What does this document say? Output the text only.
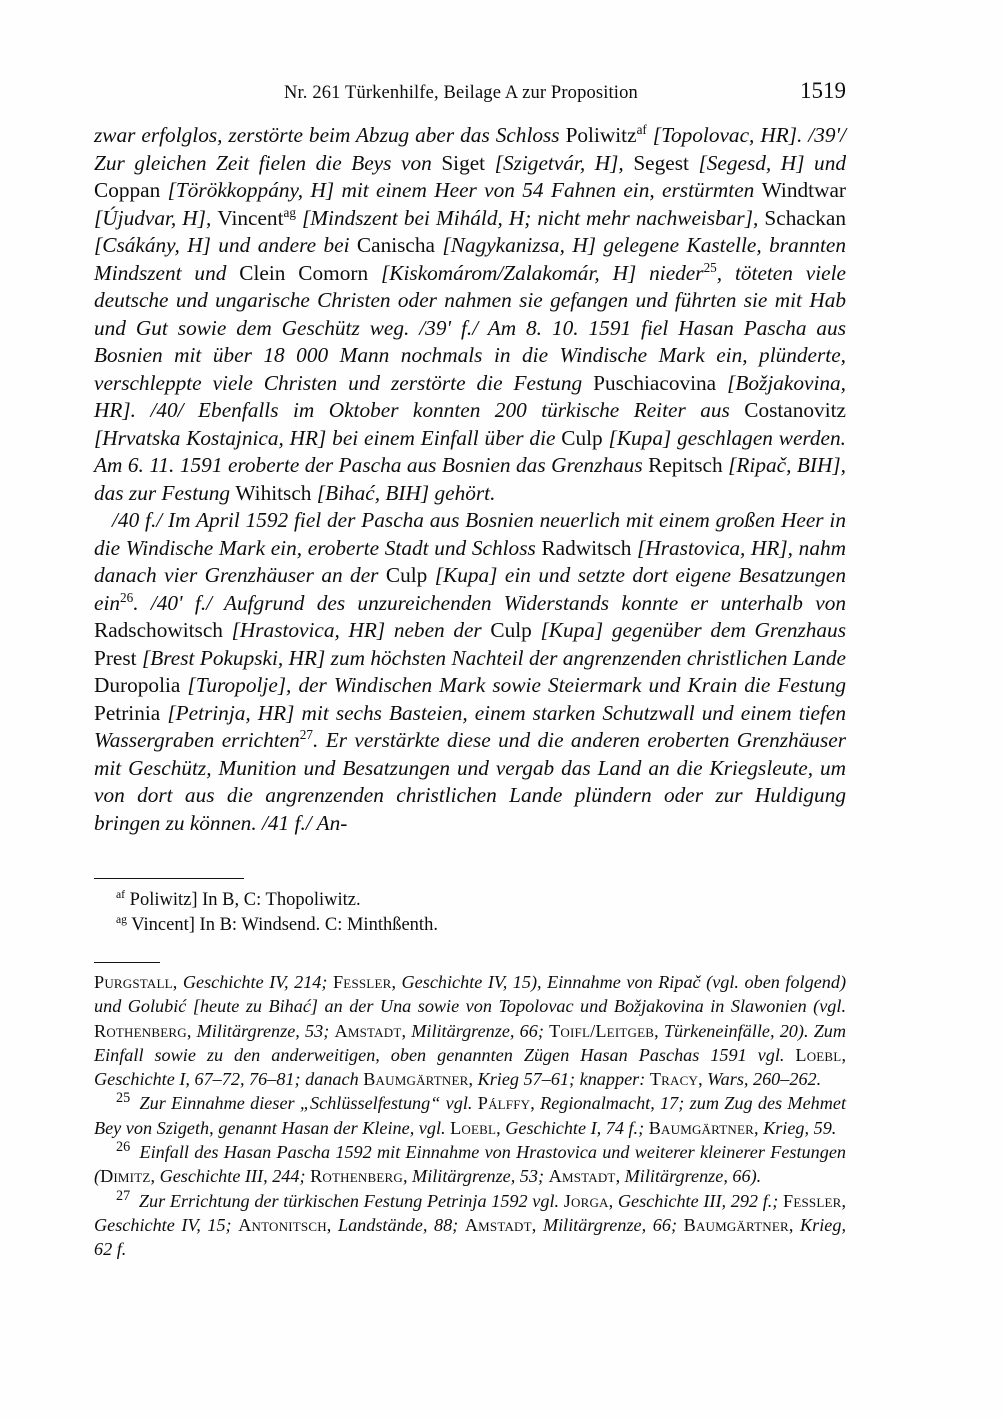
Nr. 261 Türkenhilfe, Beilage A zur Proposition	1519

zwar erfolglos, zerstörte beim Abzug aber das Schloss Poliwitz$^{af}$ [Topolovac, HR]. /39'/ Zur gleichen Zeit fielen die Beys von Siget [Szigetvár, H], Segest [Segesd, H] und Coppan [Törökkoppány, H] mit einem Heer von 54 Fahnen ein, erstürmten Windtwar [Újudvar, H], Vincent$^{ag}$ [Mindszent bei Miháld, H; nicht mehr nachweisbar], Schackan [Csákány, H] und andere bei Canischa [Nagykanizsa, H] gelegene Kastelle, brannten Mindszent und Clein Comorn [Kiskomárom/Zalakomár, H] nieder$^{25}$, töteten viele deutsche und ungarische Christen oder nahmen sie gefangen und führten sie mit Hab und Gut sowie dem Geschütz weg. /39' f./ Am 8. 10. 1591 fiel Hasan Pascha aus Bosnien mit über 18 000 Mann nochmals in die Windische Mark ein, plünderte, verschleppte viele Christen und zerstörte die Festung Puschiacovina [Božjakovina, HR]. /40/ Ebenfalls im Oktober konnten 200 türkische Reiter aus Costanovitz [Hrvatska Kostajnica, HR] bei einem Einfall über die Culp [Kupa] geschlagen werden. Am 6. 11. 1591 eroberte der Pascha aus Bosnien das Grenzhaus Repitsch [Ripač, BIH], das zur Festung Wihitsch [Bihać, BIH] gehört.

/40 f./ Im April 1592 fiel der Pascha aus Bosnien neuerlich mit einem großen Heer in die Windische Mark ein, eroberte Stadt und Schloss Radwitsch [Hrastovica, HR], nahm danach vier Grenzhäuser an der Culp [Kupa] ein und setzte dort eigene Besatzungen ein$^{26}$. /40' f./ Aufgrund des unzureichenden Widerstands konnte er unterhalb von Radschowitsch [Hrastovica, HR] neben der Culp [Kupa] gegenüber dem Grenzhaus Prest [Brest Pokupski, HR] zum höchsten Nachteil der angrenzenden christlichen Lande Duropolia [Turopolje], der Windischen Mark sowie Steiermark und Krain die Festung Petrinia [Petrinja, HR] mit sechs Basteien, einem starken Schutzwall und einem tiefen Wassergraben errichten$^{27}$. Er verstärkte diese und die anderen eroberten Grenzhäuser mit Geschütz, Munition und Besatzungen und vergab das Land an die Kriegsleute, um von dort aus die angrenzenden christlichen Lande plündern oder zur Huldigung bringen zu können. /41 f./ An-

$^{af}$ Poliwitz] In B, C: Thopoliwitz.

$^{ag}$ Vincent] In B: Windsend. C: Minthßenth.

Purgstall, Geschichte IV, 214; Fessler, Geschichte IV, 15), Einnahme von Ripač (vgl. oben folgend) und Golubić [heute zu Bihać] an der Una sowie von Topolovac und Božjakovina in Slawonien (vgl. Rothenberg, Militärgrenze, 53; Amstadt, Militärgrenze, 66; Toifl/Leitgeb, Türkeneinfälle, 20). Zum Einfall sowie zu den anderweitigen, oben genannten Zügen Hasan Paschas 1591 vgl. Loebl, Geschichte I, 67–72, 76–81; danach Baumgärtner, Krieg 57–61; knapper: Tracy, Wars, 260–262.

$^{25}$ Zur Einnahme dieser „Schlüsselfestung“ vgl. Pálffy, Regionalmacht, 17; zum Zug des Mehmet Bey von Szigeth, genannt Hasan der Kleine, vgl. Loebl, Geschichte I, 74 f.; Baumgärtner, Krieg, 59.

$^{26}$ Einfall des Hasan Pascha 1592 mit Einnahme von Hrastovica und weiterer kleinerer Festungen (Dimitz, Geschichte III, 244; Rothenberg, Militärgrenze, 53; Amstadt, Militärgrenze, 66).

$^{27}$ Zur Errichtung der türkischen Festung Petrinja 1592 vgl. Jorga, Geschichte III, 292 f.; Fessler, Geschichte IV, 15; Antonitsch, Landstände, 88; Amstadt, Militärgrenze, 66; Baumgärtner, Krieg, 62 f.
